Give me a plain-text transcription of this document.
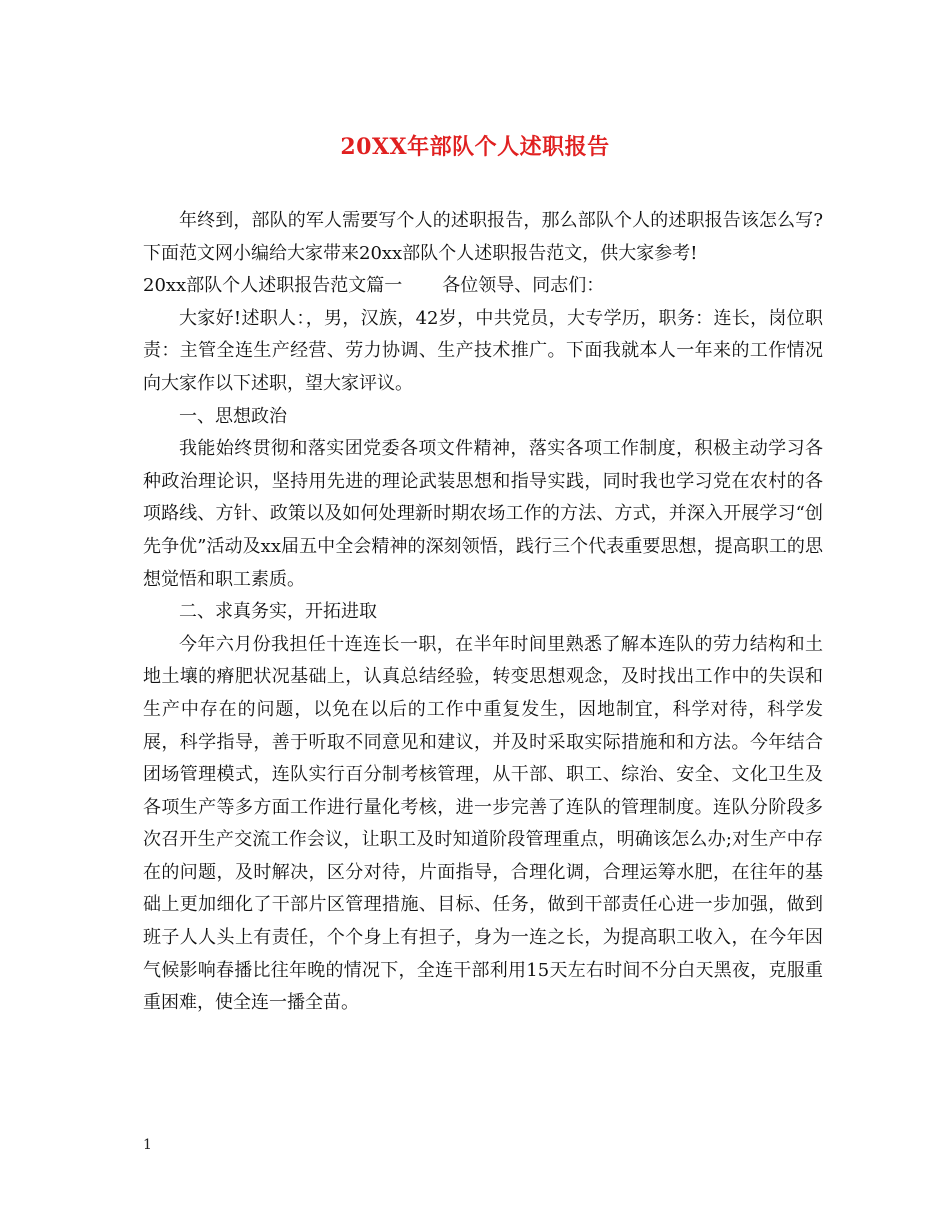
20XX年部队个人述职报告

年终到，部队的军人需要写个人的述职报告，那么部队个人的述职报告该怎么写?下面范文网小编给大家带来20xx部队个人述职报告范文，供大家参考!

20xx部队个人述职报告范文篇一 各位领导、同志们：

大家好!述职人：，男，汉族，42岁，中共党员，大专学历，职务：连长，岗位职责：主管全连生产经营、劳力协调、生产技术推广。下面我就本人一年来的工作情况向大家作以下述职，望大家评议。

一、思想政治

我能始终贯彻和落实团党委各项文件精神，落实各项工作制度，积极主动学习各种政治理论识，坚持用先进的理论武装思想和指导实践，同时我也学习党在农村的各项路线、方针、政策以及如何处理新时期农场工作的方法、方式，并深入开展学习“创先争优”活动及xx届五中全会精神的深刻领悟，践行三个代表重要思想，提高职工的思想觉悟和职工素质。

二、求真务实，开拓进取

今年六月份我担任十连连长一职，在半年时间里熟悉了解本连队的劳力结构和土地土壤的瘠肥状况基础上，认真总结经验，转变思想观念，及时找出工作中的失误和生产中存在的问题，以免在以后的工作中重复发生，因地制宜，科学对待，科学发展，科学指导，善于听取不同意见和建议，并及时采取实际措施和和方法。今年结合团场管理模式，连队实行百分制考核管理，从干部、职工、综治、安全、文化卫生及各项生产等多方面工作进行量化考核，进一步完善了连队的管理制度。连队分阶段多次召开生产交流工作会议，让职工及时知道阶段管理重点，明确该怎么办;对生产中存在的问题，及时解决，区分对待，片面指导，合理化调，合理运筹水肥，在往年的基础上更加细化了干部片区管理措施、目标、任务，做到干部责任心进一步加强，做到班子人人头上有责任，个个身上有担子，身为一连之长，为提高职工收入，在今年因气候影响春播比往年晚的情况下，全连干部利用15天左右时间不分白天黑夜，克服重重困难，使全连一播全苗。

1
